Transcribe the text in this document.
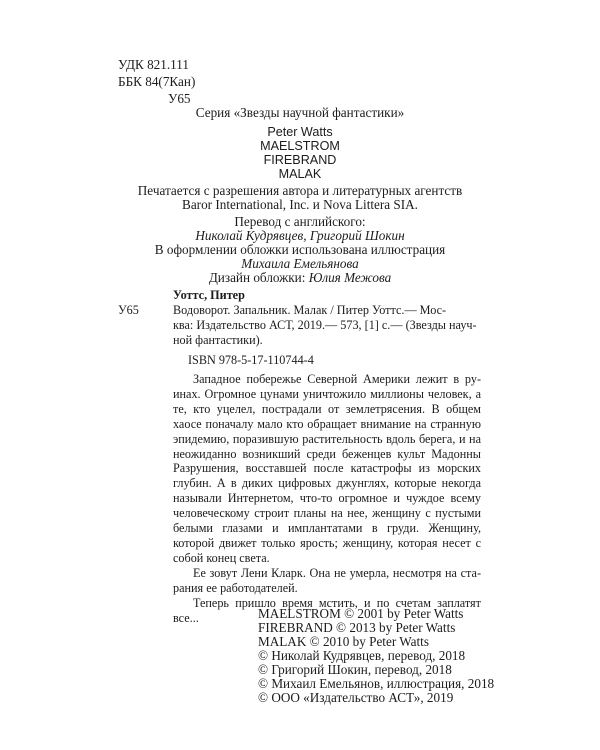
УДК 821.111
ББК 84(7Кан)
У65
Серия «Звезды научной фантастики»
Peter Watts
MAELSTROM
FIREBRAND
MALAK
Печатается с разрешения автора и литературных агентств
Baror International, Inc. и Nova Littera SIA.
Перевод с английского:
Николай Кудрявцев, Григорий Шокин
В оформлении обложки использована иллюстрация
Михаила Емельянова
Дизайн обложки: Юлия Межова
Уоттс, Питер
У65	Водоворот. Запальник. Малак / Питер Уоттс.— Мос-
ква: Издательство АСТ, 2019.— 573, [1] с.— (Звезды науч-
ной фантастики).
ISBN 978-5-17-110744-4

Западное побережье Северной Америки лежит в руинах. Огромное цунами уничтожило миллионы человек, а те, кто уцелел, пострадали от землетрясения. В общем хаосе поначалу мало кто обращает внимание на странную эпидемию, поразившую растительность вдоль берега, и на неожиданно возникший среди беженцев культ Мадонны Разрушения, восставшей после катастрофы из морских глубин. А в диких цифровых джунглях, которые некогда называли Интернетом, что-то огромное и чуждое всему человеческому строит планы на нее, женщину с пустыми белыми глазами и имплантатами в груди. Женщину, которой движет только ярость; женщину, которая несет с собой конец света.

Ее зовут Лени Кларк. Она не умерла, несмотря на старания ее работодателей.

Теперь пришло время мстить, и по счетам заплатят все...	MAELSTROM © 2001 by Peter Watts
FIREBRAND © 2013 by Peter Watts
MALAK © 2010 by Peter Watts
© Николай Кудрявцев, перевод, 2018
© Григорий Шокин, перевод, 2018
© Михаил Емельянов, иллюстрация, 2018
© ООО «Издательство АСТ», 2019
